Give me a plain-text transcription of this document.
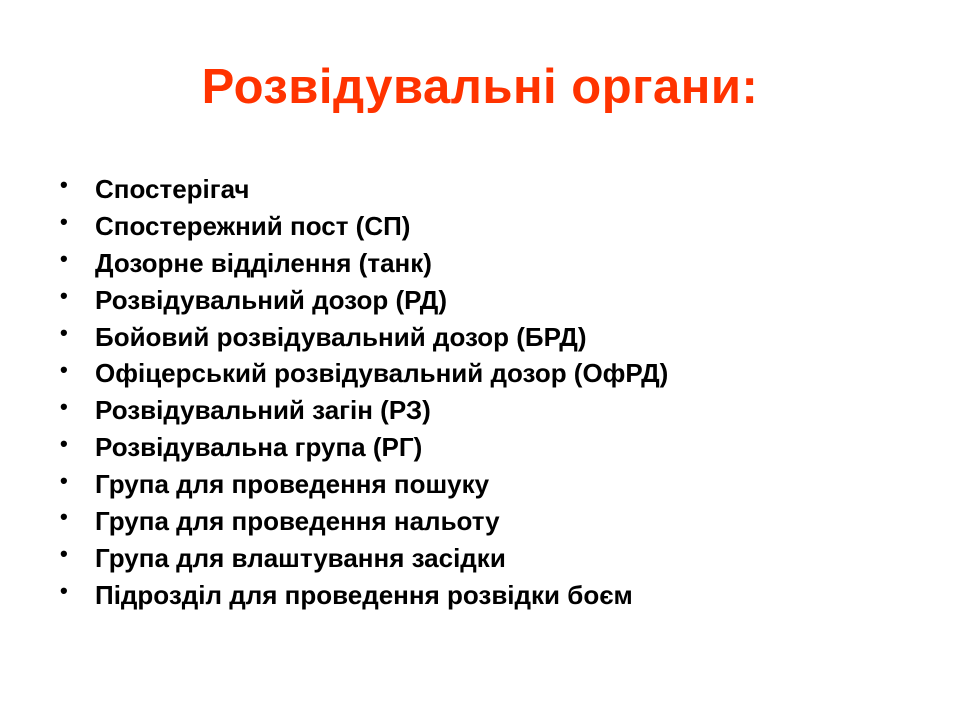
Розвідувальні органи:
•	Спостерігач
•	Спостережний пост (СП)
•	Дозорне відділення (танк)
•	Розвідувальний дозор (РД)
•	Бойовий розвідувальний дозор (БРД)
•	Офіцерський розвідувальний дозор (ОфРД)
•	Розвідувальний загін (РЗ)
•	Розвідувальна група (РГ)
•	Група для проведення пошуку
•	Група для проведення нальоту
•	Група для влаштування засідки
•	Підрозділ для проведення розвідки боєм
